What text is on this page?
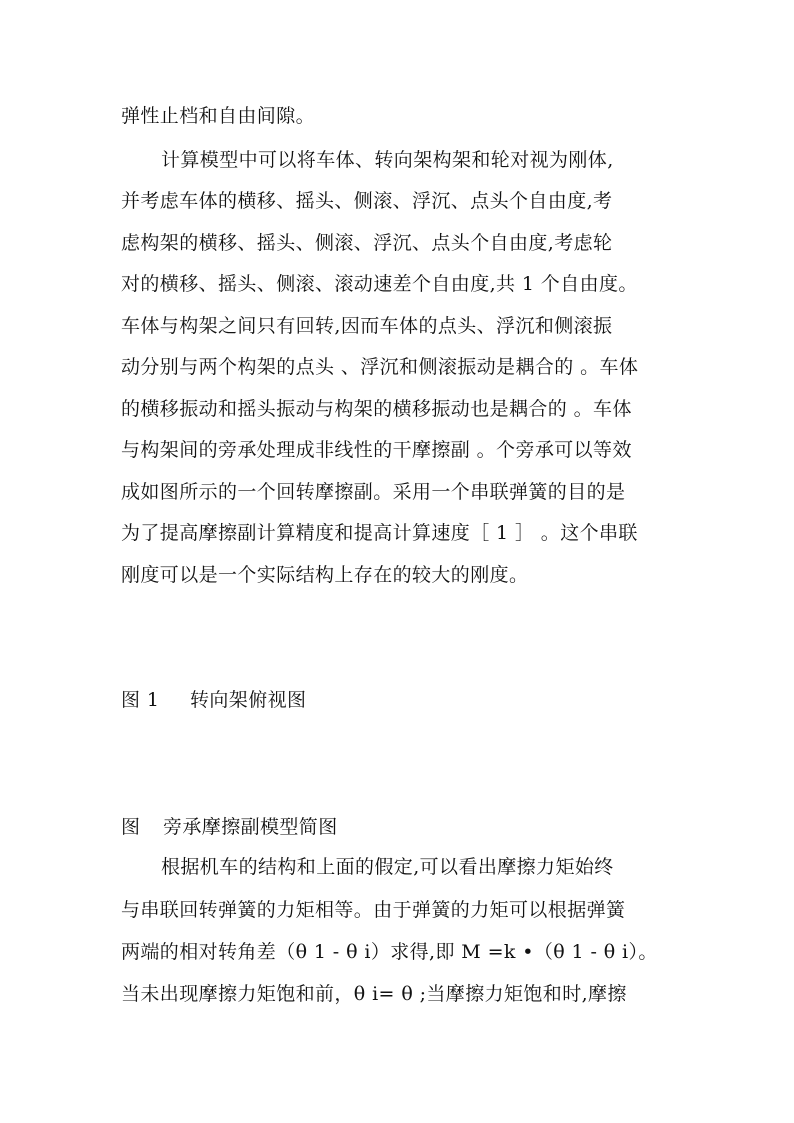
弹性止档和自由间隙。
计算模型中可以将车体、转向架构架和轮对视为刚体,
并考虑车体的横移、摇头、侧滚、浮沉、点头个自由度,考
虑构架的横移、摇头、侧滚、浮沉、点头个自由度,考虑轮
对的横移、摇头、侧滚、滚动速差个自由度,共 1 个自由度。
车体与构架之间只有回转,因而车体的点头、浮沉和侧滚振
动分别与两个构架的点头 、浮沉和侧滚振动是耦合的 。车体
的横移振动和摇头振动与构架的横移振动也是耦合的 。车体
与构架间的旁承处理成非线性的干摩擦副 。个旁承可以等效
成如图所示的一个回转摩擦副。采用一个串联弹簧的目的是
为了提高摩擦副计算精度和提高计算速度［ 1 ］ 。这个串联
刚度可以是一个实际结构上存在的较大的刚度。
图 1 转向架俯视图
图 旁承摩擦副模型简图
根据机车的结构和上面的假定,可以看出摩擦力矩始终
与串联回转弹簧的力矩相等。由于弹簧的力矩可以根据弹簧
两端的相对转角差（θ 1 - θ i）求得,即 M =k •（θ 1 - θ i）。
当未出现摩擦力矩饱和前，θ i= θ ;当摩擦力矩饱和时,摩擦
